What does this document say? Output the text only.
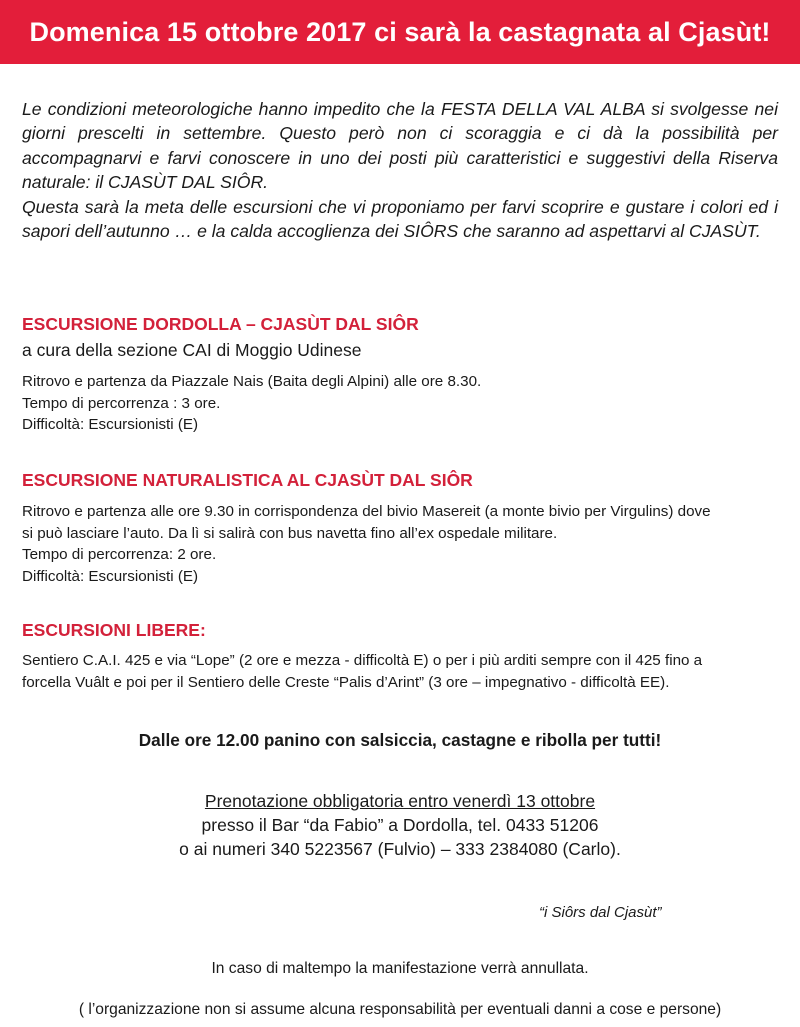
Domenica 15 ottobre 2017 ci sarà la castagnata al Cjasùt!

Le condizioni meteorologiche hanno impedito che la FESTA DELLA VAL ALBA si svolgesse nei giorni prescelti in settembre. Questo però non ci scoraggia e ci dà la possibilità per accompagnarvi e farvi conoscere in uno dei posti più caratteristici e suggestivi della Riserva naturale: il CJASÙT DAL SIÔR.

Questa sarà la meta delle escursioni che vi proponiamo per farvi scoprire e gustare i colori ed i sapori dell’autunno … e la calda accoglienza dei SIÔRS che saranno ad aspettarvi al CJASÙT.

ESCURSIONE DORDOLLA – CJASÙT DAL SIÔR
a cura della sezione CAI di Moggio Udinese
Ritrovo e partenza da Piazzale Nais (Baita degli Alpini) alle ore 8.30.
Tempo di percorrenza : 3 ore.
Difficoltà: Escursionisti (E)
ESCURSIONE NATURALISTICA AL CJASÙT DAL SIÔR
Ritrovo e partenza alle ore 9.30 in corrispondenza del bivio Masereit (a monte bivio per Virgulins) dove
si può lasciare l’auto. Da lì si salirà con bus navetta fino all’ex ospedale militare.
Tempo di percorrenza: 2 ore.
Difficoltà: Escursionisti (E)
ESCURSIONI LIBERE:
Sentiero C.A.I. 425 e via “Lope” (2 ore e mezza - difficoltà E) o per i più arditi sempre con il 425 fino a
forcella Vuâlt e poi per il Sentiero delle Creste “Palis d’Arint” (3 ore – impegnativo - difficoltà EE).
Dalle ore 12.00 panino con salsiccia, castagne e ribolla per tutti!
Prenotazione obbligatoria entro venerdì 13 ottobre
presso il Bar “da Fabio” a Dordolla, tel. 0433 51206
o ai numeri 340 5223567 (Fulvio) – 333 2384080 (Carlo).
“i Siôrs dal Cjasùt”
In caso di maltempo la manifestazione verrà annullata.
( l’organizzazione non si assume alcuna responsabilità per eventuali danni a cose e persone)
